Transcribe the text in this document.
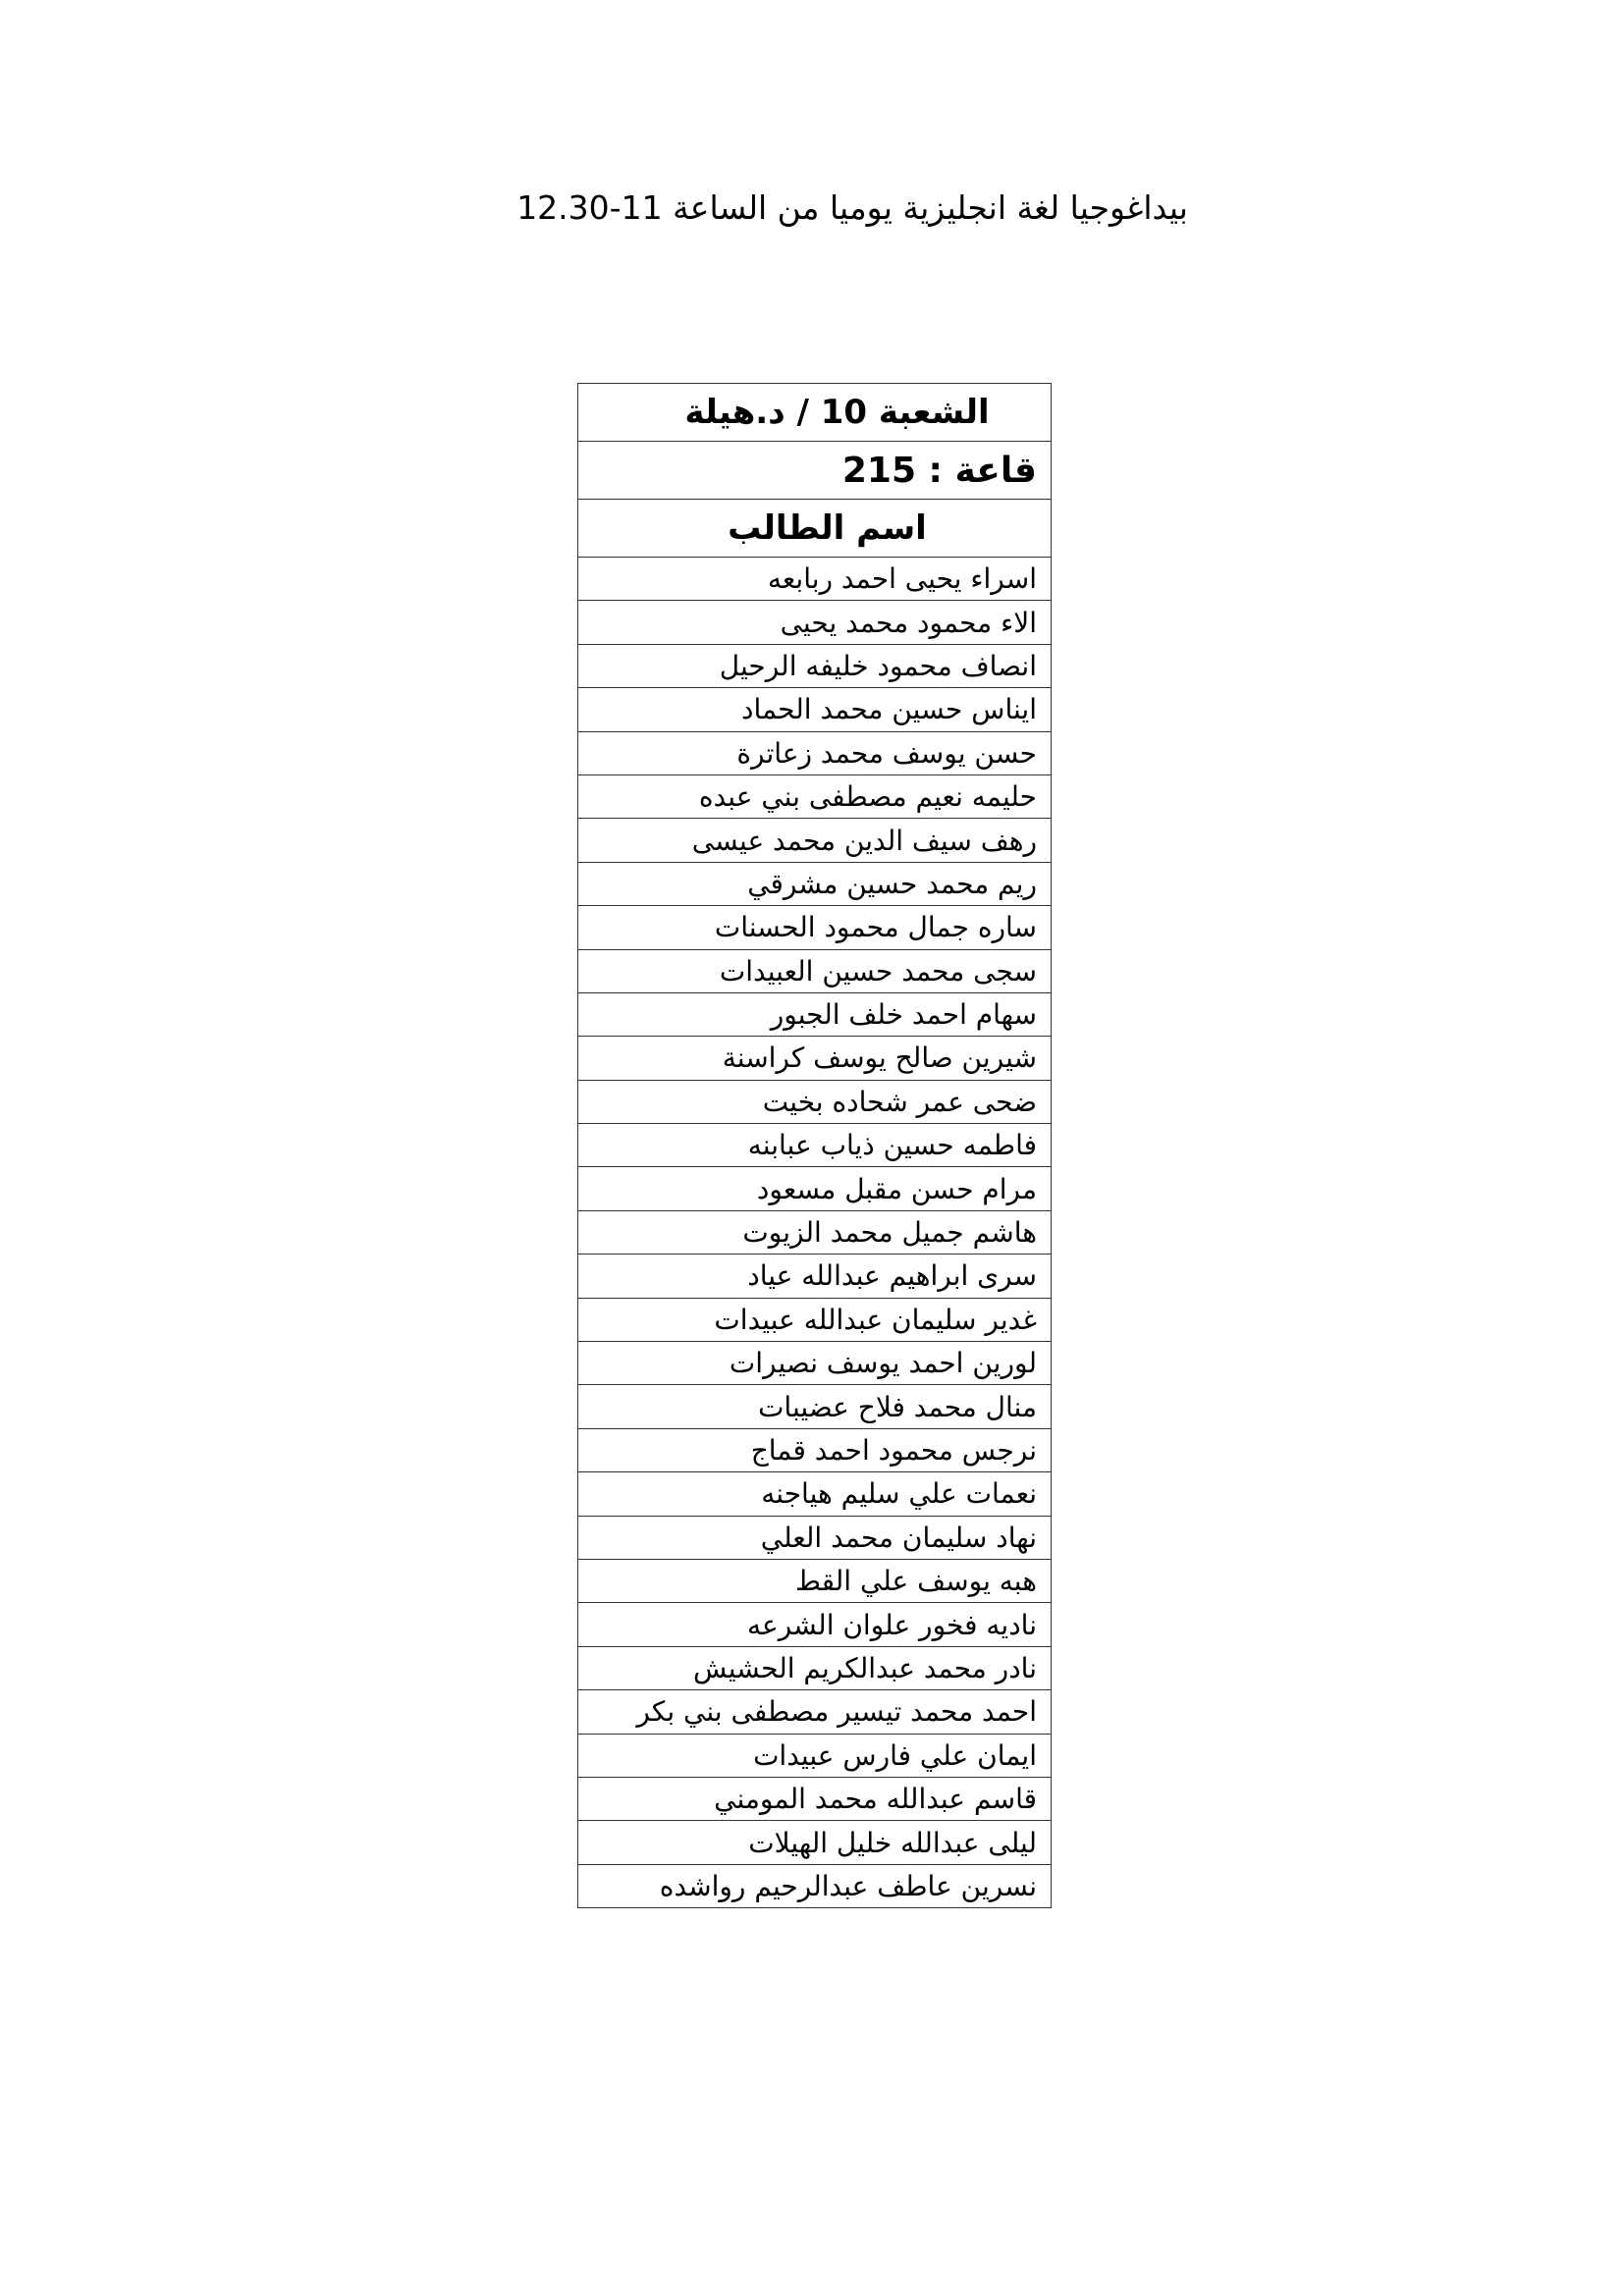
بيداغوجيا لغة انجليزية يوميا من الساعة 11-12.30
الشعبة 10 / د.هيلة
قاعة : 215
اسم الطالب
اسراء يحيى احمد ربابعه
الاء محمود محمد يحيى
انصاف محمود خليفه الرحيل
ايناس حسين محمد الحماد
حسن يوسف محمد زعاترة
حليمه نعيم مصطفى بني عبده
رهف سيف الدين محمد عيسى
ريم محمد حسين مشرقي
ساره جمال محمود الحسنات
سجى محمد حسين العبيدات
سهام احمد خلف الجبور
شيرين صالح يوسف كراسنة
ضحى عمر شحاده بخيت
فاطمه حسين ذياب عبابنه
مرام حسن مقبل مسعود
هاشم جميل محمد الزيوت
سرى ابراهيم عبدالله عياد
غدير سليمان عبدالله عبيدات
لورين احمد يوسف نصيرات
منال محمد فلاح عضيبات
نرجس محمود احمد قماج
نعمات علي سليم هياجنه
نهاد سليمان محمد العلي
هبه يوسف علي القط
ناديه فخور علوان الشرعه
نادر محمد عبدالكريم الحشيش
احمد محمد تيسير مصطفى بني بكر
ايمان علي فارس عبيدات
قاسم عبدالله محمد المومني
ليلى عبدالله خليل الهيلات
نسرين عاطف عبدالرحيم رواشده
